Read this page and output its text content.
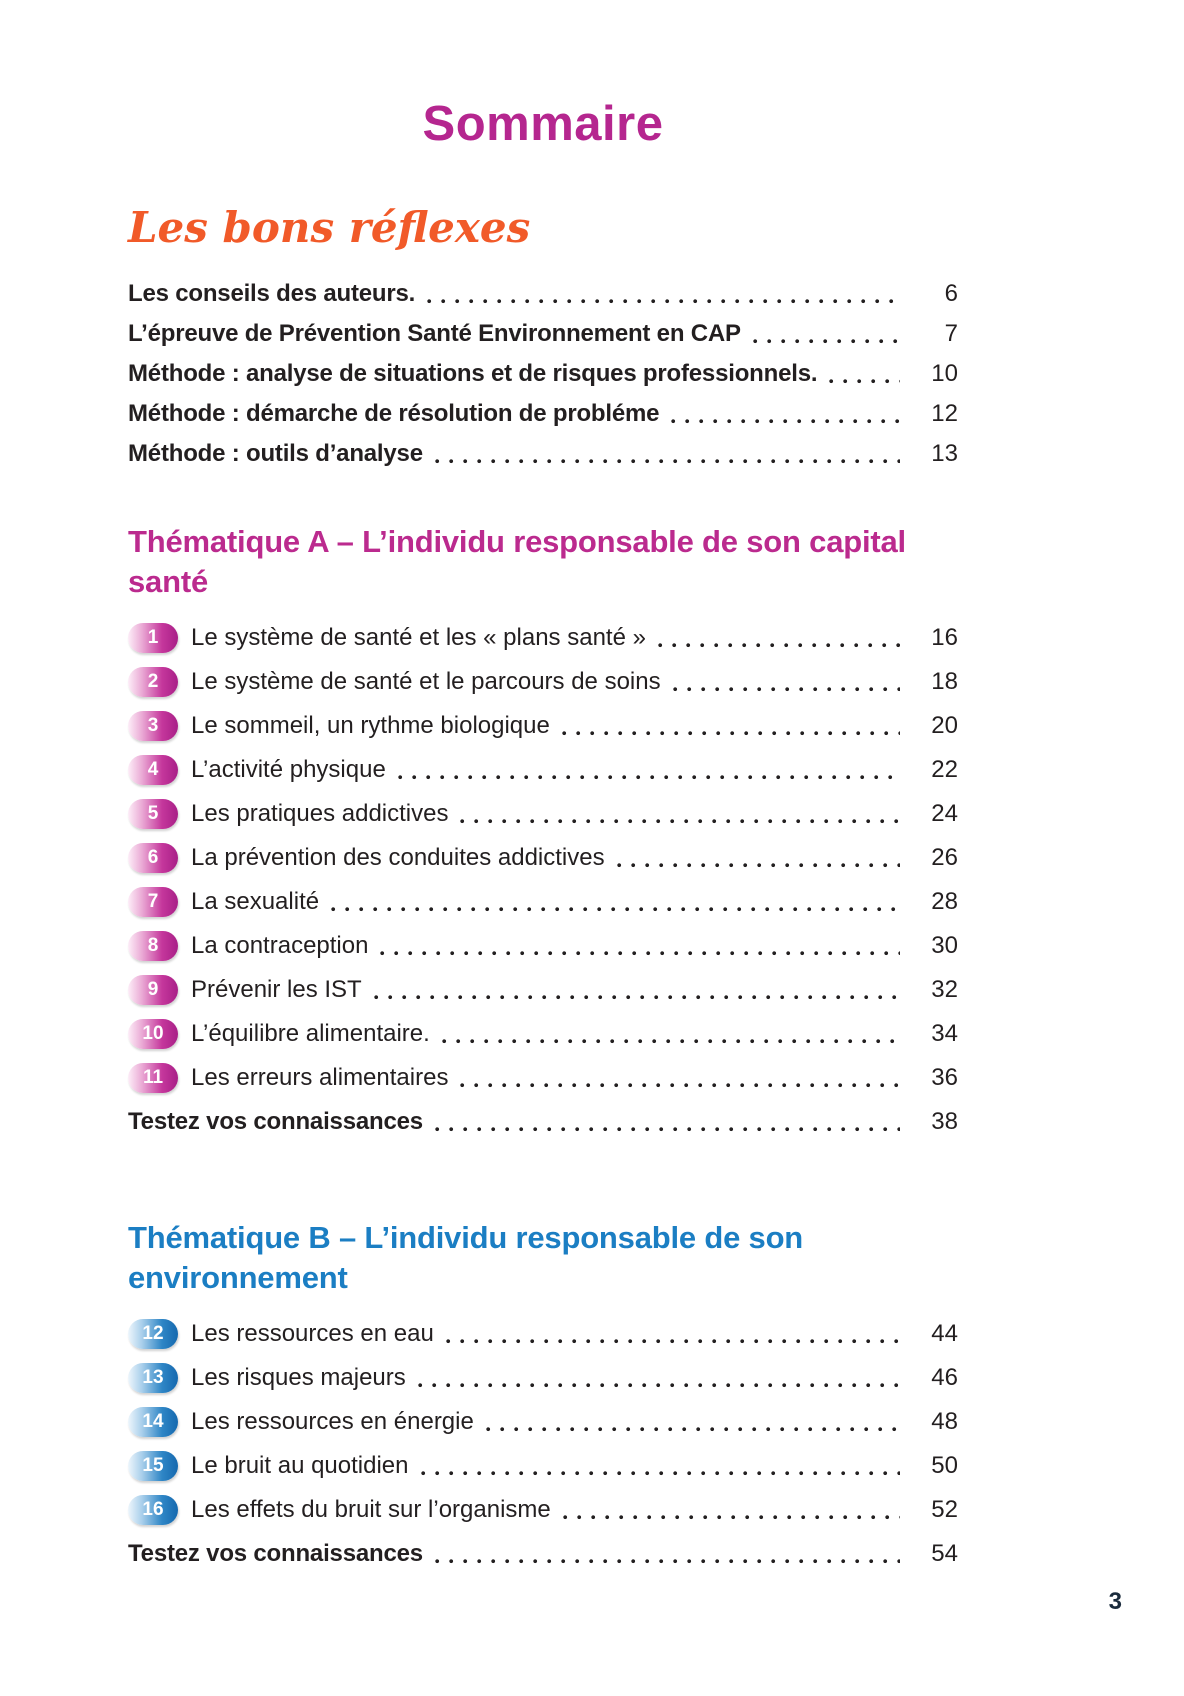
Sommaire
Les bons réflexes
Les conseils des auteurs.	6
L’épreuve de Prévention Santé Environnement en CAP	7
Méthode : analyse de situations et de risques professionnels.	10
Méthode : démarche de résolution de probléme	12
Méthode : outils d’analyse	13
Thématique A – L’individu responsable de son capital santé
1	Le système de santé et les « plans santé »	16
2	Le système de santé et le parcours de soins	18
3	Le sommeil, un rythme biologique	20
4	L’activité physique	22
5	Les pratiques addictives	24
6	La prévention des conduites addictives	26
7	La sexualité	28
8	La contraception	30
9	Prévenir les IST	32
10	L’équilibre alimentaire.	34
11	Les erreurs alimentaires	36
Testez vos connaissances	38
Thématique B – L’individu responsable de son environnement
12	Les ressources en eau	44
13	Les risques majeurs	46
14	Les ressources en énergie	48
15	Le bruit au quotidien	50
16	Les effets du bruit sur l’organisme	52
Testez vos connaissances	54
3
